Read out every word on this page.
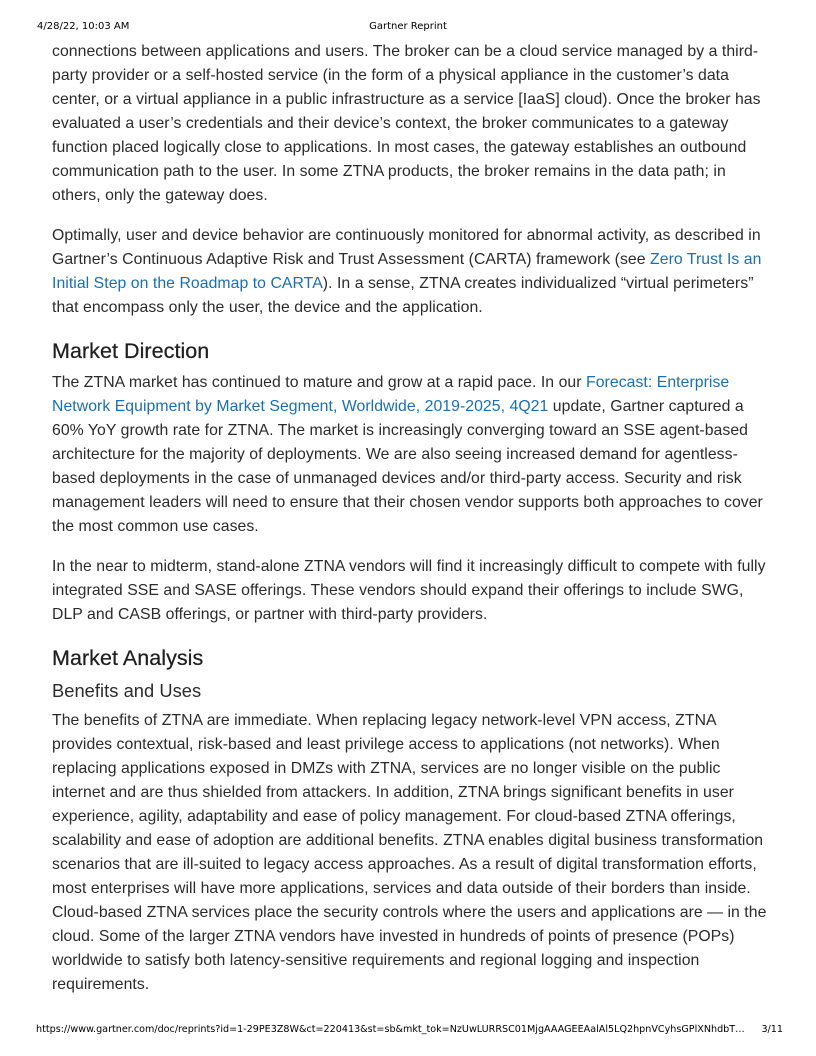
4/28/22, 10:03 AM	Gartner Reprint

connections between applications and users. The broker can be a cloud service managed by a third-party provider or a self-hosted service (in the form of a physical appliance in the customer’s data center, or a virtual appliance in a public infrastructure as a service [IaaS] cloud). Once the broker has evaluated a user’s credentials and their device’s context, the broker communicates to a gateway function placed logically close to applications. In most cases, the gateway establishes an outbound communication path to the user. In some ZTNA products, the broker remains in the data path; in others, only the gateway does.

Optimally, user and device behavior are continuously monitored for abnormal activity, as described in Gartner’s Continuous Adaptive Risk and Trust Assessment (CARTA) framework (see Zero Trust Is an Initial Step on the Roadmap to CARTA). In a sense, ZTNA creates individualized “virtual perimeters” that encompass only the user, the device and the application.

Market Direction

The ZTNA market has continued to mature and grow at a rapid pace. In our Forecast: Enterprise Network Equipment by Market Segment, Worldwide, 2019-2025, 4Q21 update, Gartner captured a 60% YoY growth rate for ZTNA. The market is increasingly converging toward an SSE agent-based architecture for the majority of deployments. We are also seeing increased demand for agentless-based deployments in the case of unmanaged devices and/or third-party access. Security and risk management leaders will need to ensure that their chosen vendor supports both approaches to cover the most common use cases.

In the near to midterm, stand-alone ZTNA vendors will find it increasingly difficult to compete with fully integrated SSE and SASE offerings. These vendors should expand their offerings to include SWG, DLP and CASB offerings, or partner with third-party providers.

Market Analysis
Benefits and Uses

The benefits of ZTNA are immediate. When replacing legacy network-level VPN access, ZTNA provides contextual, risk-based and least privilege access to applications (not networks). When replacing applications exposed in DMZs with ZTNA, services are no longer visible on the public internet and are thus shielded from attackers. In addition, ZTNA brings significant benefits in user experience, agility, adaptability and ease of policy management. For cloud-based ZTNA offerings, scalability and ease of adoption are additional benefits. ZTNA enables digital business transformation scenarios that are ill-suited to legacy access approaches. As a result of digital transformation efforts, most enterprises will have more applications, services and data outside of their borders than inside. Cloud-based ZTNA services place the security controls where the users and applications are — in the cloud. Some of the larger ZTNA vendors have invested in hundreds of points of presence (POPs) worldwide to satisfy both latency-sensitive requirements and regional logging and inspection requirements.

https://www.gartner.com/doc/reprints?id=1-29PE3Z8W&ct=220413&st=sb&mkt_tok=NzUwLURRSC01MjgAAAGEEAalAl5LQ2hpnVCyhsGPlXNhdbT…	3/11
